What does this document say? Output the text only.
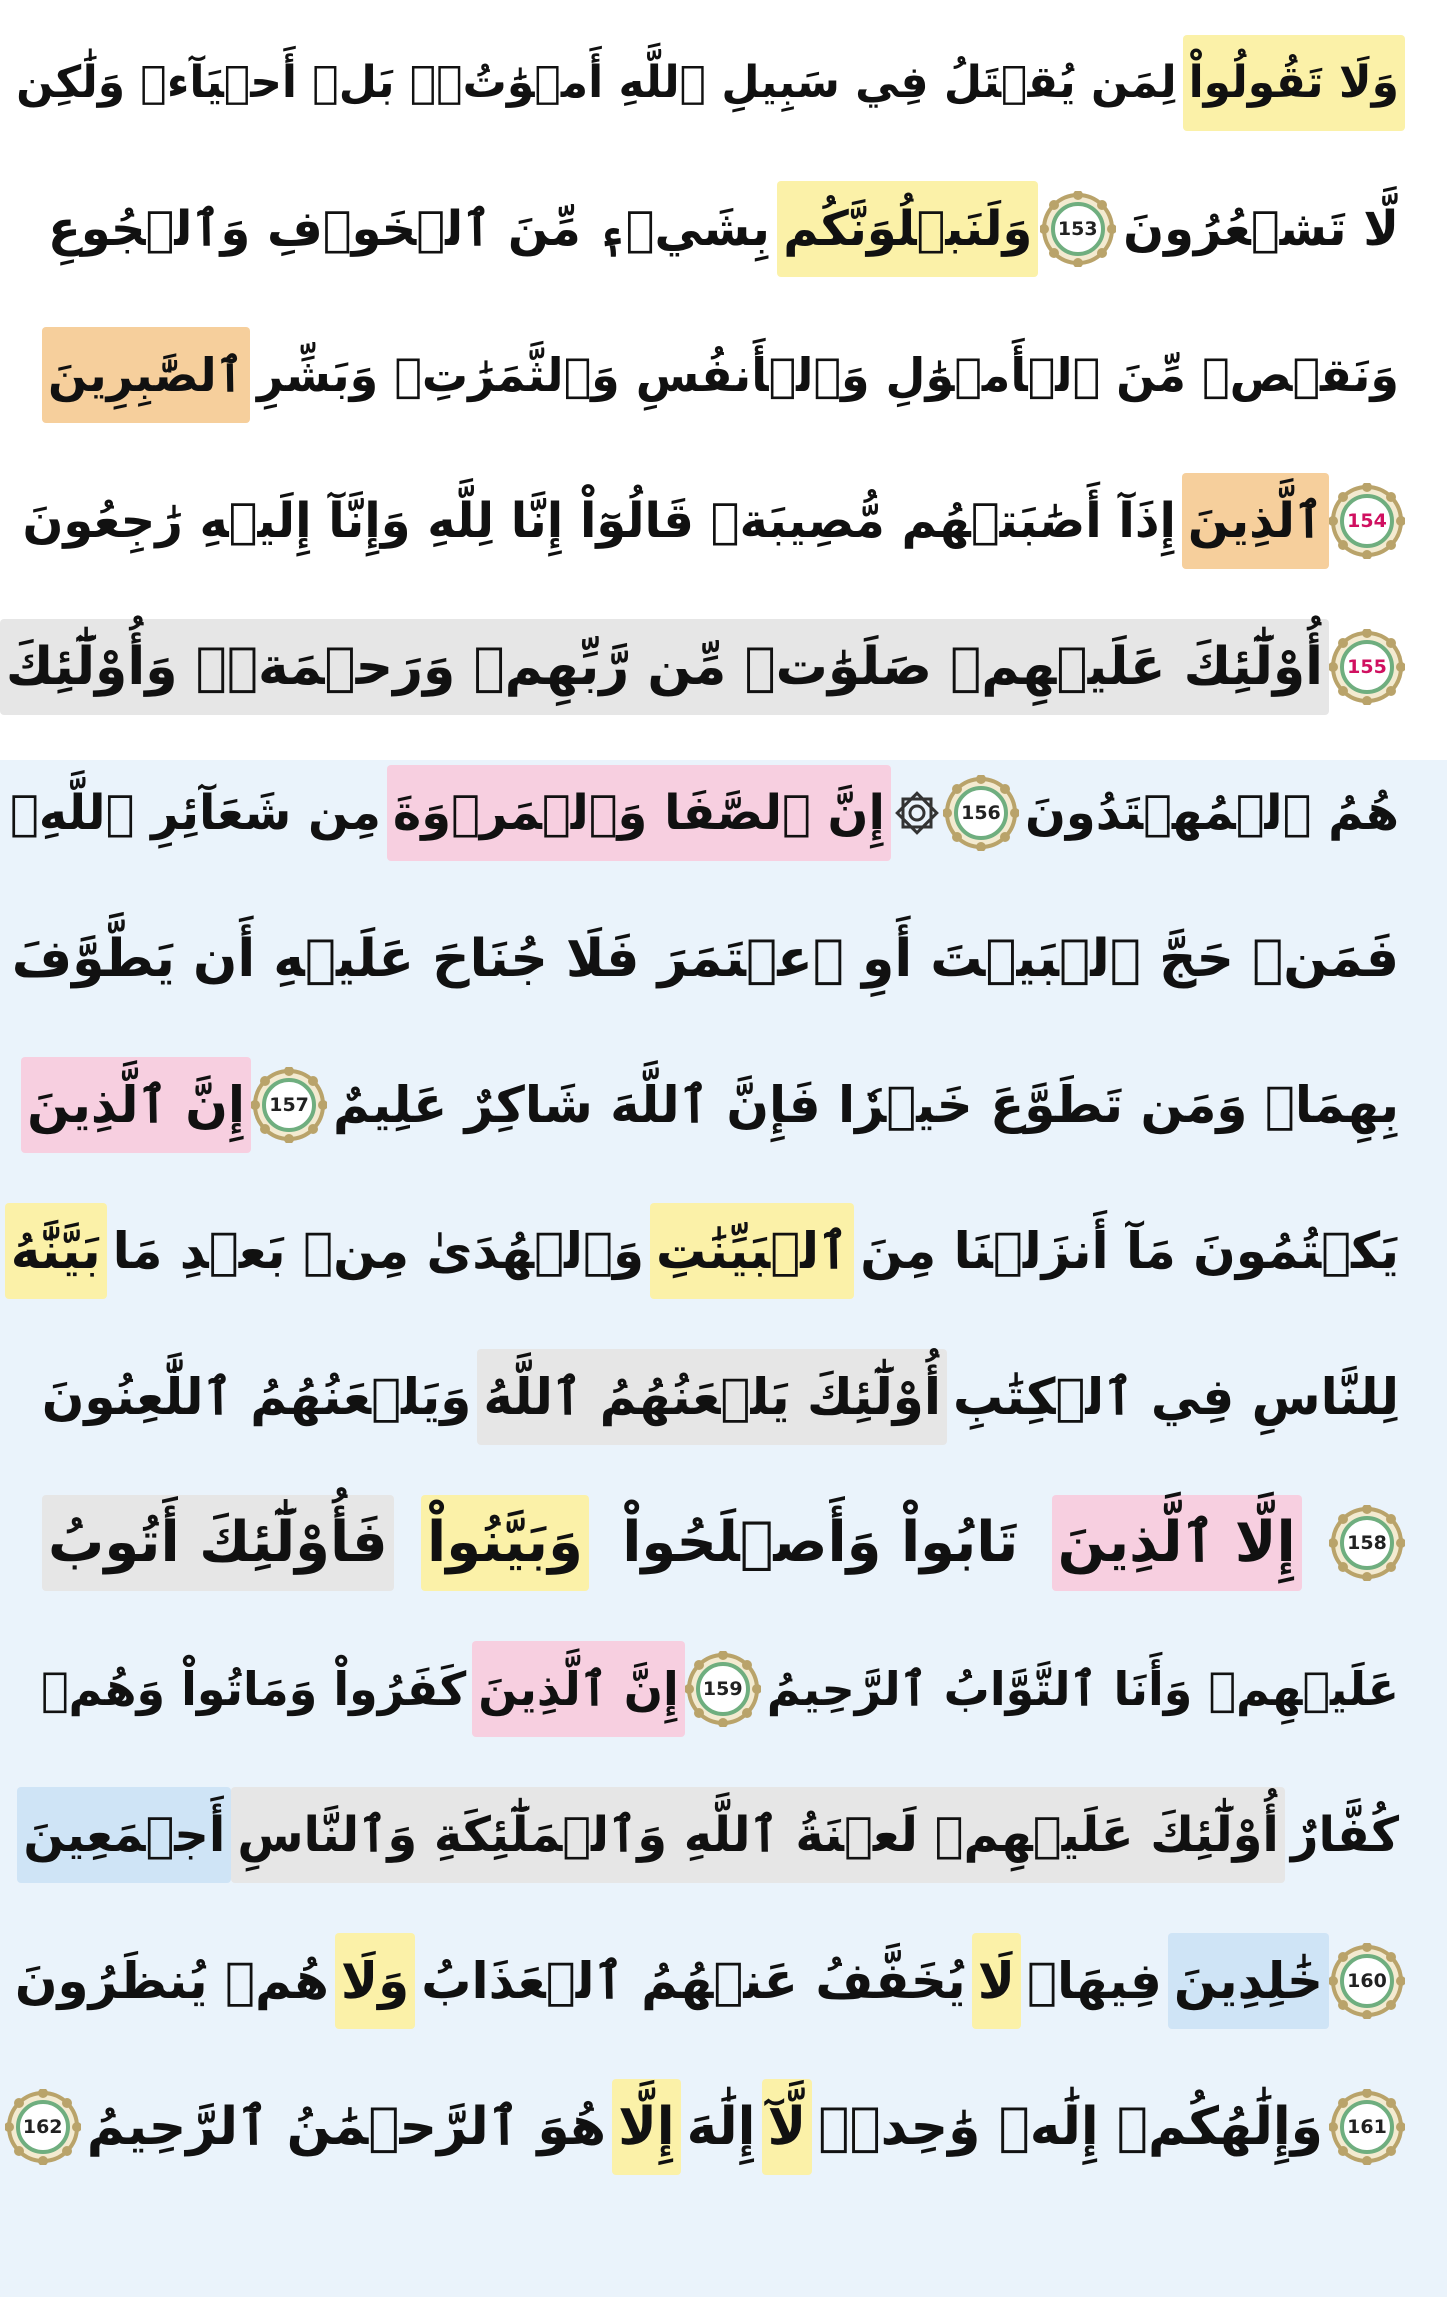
وَلَا تَقُولُواْ
لِمَن يُقۡتَلُ فِي سَبِيلِ ٱللَّهِ أَمۡوَٰتُۢۚ بَلۡ أَحۡيَآءٞ وَلَٰكِن
لَّا تَشۡعُرُونَ
153
وَلَنَبۡلُوَنَّكُم
بِشَيۡءٖ مِّنَ ٱلۡخَوۡفِ وَٱلۡجُوعِ
وَنَقۡصٖ مِّنَ ٱلۡأَمۡوَٰلِ وَٱلۡأَنفُسِ وَٱلثَّمَرَٰتِۗ وَبَشِّرِ
ٱلصَّٰبِرِينَ
154
ٱلَّذِينَ
إِذَآ أَصَٰبَتۡهُم مُّصِيبَةٞ قَالُوٓاْ إِنَّا لِلَّهِ وَإِنَّآ إِلَيۡهِ رَٰجِعُونَ
155
أُوْلَٰٓئِكَ عَلَيۡهِمۡ صَلَوَٰتٞ مِّن رَّبِّهِمۡ وَرَحۡمَةٞۖ وَأُوْلَٰٓئِكَ
هُمُ ٱلۡمُهۡتَدُونَ
156
إِنَّ ٱلصَّفَا وَٱلۡمَرۡوَةَ
مِن شَعَآئِرِ ٱللَّهِۖ
فَمَنۡ حَجَّ ٱلۡبَيۡتَ أَوِ ٱعۡتَمَرَ فَلَا جُنَاحَ عَلَيۡهِ أَن يَطَّوَّفَ
بِهِمَاۚ وَمَن تَطَوَّعَ خَيۡرٗا فَإِنَّ ٱللَّهَ شَاكِرٌ عَلِيمٌ
157
إِنَّ ٱلَّذِينَ
يَكۡتُمُونَ مَآ أَنزَلۡنَا مِنَ
ٱلۡبَيِّنَٰتِ
وَٱلۡهُدَىٰ مِنۢ بَعۡدِ مَا
بَيَّنَّٰهُ
لِلنَّاسِ فِي ٱلۡكِتَٰبِ
أُوْلَٰٓئِكَ يَلۡعَنُهُمُ ٱللَّهُ
وَيَلۡعَنُهُمُ ٱللَّٰعِنُونَ
158
إِلَّا ٱلَّذِينَ
تَابُواْ وَأَصۡلَحُواْ
وَبَيَّنُواْ
فَأُوْلَٰٓئِكَ أَتُوبُ
عَلَيۡهِمۡ وَأَنَا ٱلتَّوَّابُ ٱلرَّحِيمُ
159
إِنَّ ٱلَّذِينَ
كَفَرُواْ وَمَاتُواْ وَهُمۡ
كُفَّارٌ
أُوْلَٰٓئِكَ عَلَيۡهِمۡ لَعۡنَةُ ٱللَّهِ وَٱلۡمَلَٰٓئِكَةِ وَٱلنَّاسِ
أَجۡمَعِينَ
160
خَٰلِدِينَ
فِيهَاۖ
لَا
يُخَفَّفُ عَنۡهُمُ ٱلۡعَذَابُ
وَلَا
هُمۡ يُنظَرُونَ
161
وَإِلَٰهُكُمۡ إِلَٰهٞ وَٰحِدٞۖ
لَّآ
إِلَٰهَ
إِلَّا
هُوَ ٱلرَّحۡمَٰنُ ٱلرَّحِيمُ
162
